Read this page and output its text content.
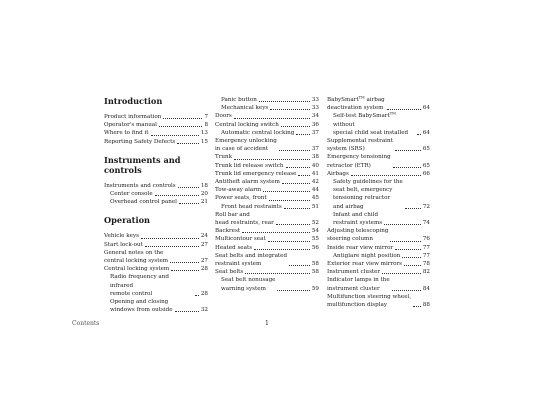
Introduction
Product information	7
Operator's manual	8
Where to find it	13
Reporting Safety Defects	15
Instruments and controls
Instruments and controls	18
Center console	20
Overhead control panel	21
Operation
Vehicle keys	24
Start lock-out	27
General notes on the
central locking system	27
Central locking system	28
Radio frequency and infrared
remote control	28
Opening and closing
windows from outside	32
Panic button	33
Mechanical keys	33
Doors	34
Central locking switch	36
Automatic central locking	37
Emergency unlocking
in case of accident	37
Trunk	38
Trunk lid release switch	40
Trunk lid emergency release	41
Antitheft alarm system	42
Tow-away alarm	44
Power seats, front	45
Front head restraints	51
Roll bar and
head restraints, rear	52
Backrest	54
Multicontour seat	55
Heated seats	56
Seat belts and integrated
restraint system	58
Seat belts	58
Seat belt nonusage
warning system	59
BabySmart™ airbag
deactivation system	64
Self-test BabySmart™ without
special child seat installed	64
Supplemental restraint
system (SRS)	65
Emergency tensioning
retractor (ETR)	65
Airbags	66
Safety guidelines for the
seat belt, emergency
tensioning retractor
and airbag	72
Infant and child
restraint systems	74
Adjusting telescoping
steering column	76
Inside rear view mirror	77
Antiglare night position	77
Exterior rear view mirrors	78
Instrument cluster	82
Indicator lamps in the
instrument cluster	84
Multifunction steering wheel,
multifunction display	88
Contents	1
